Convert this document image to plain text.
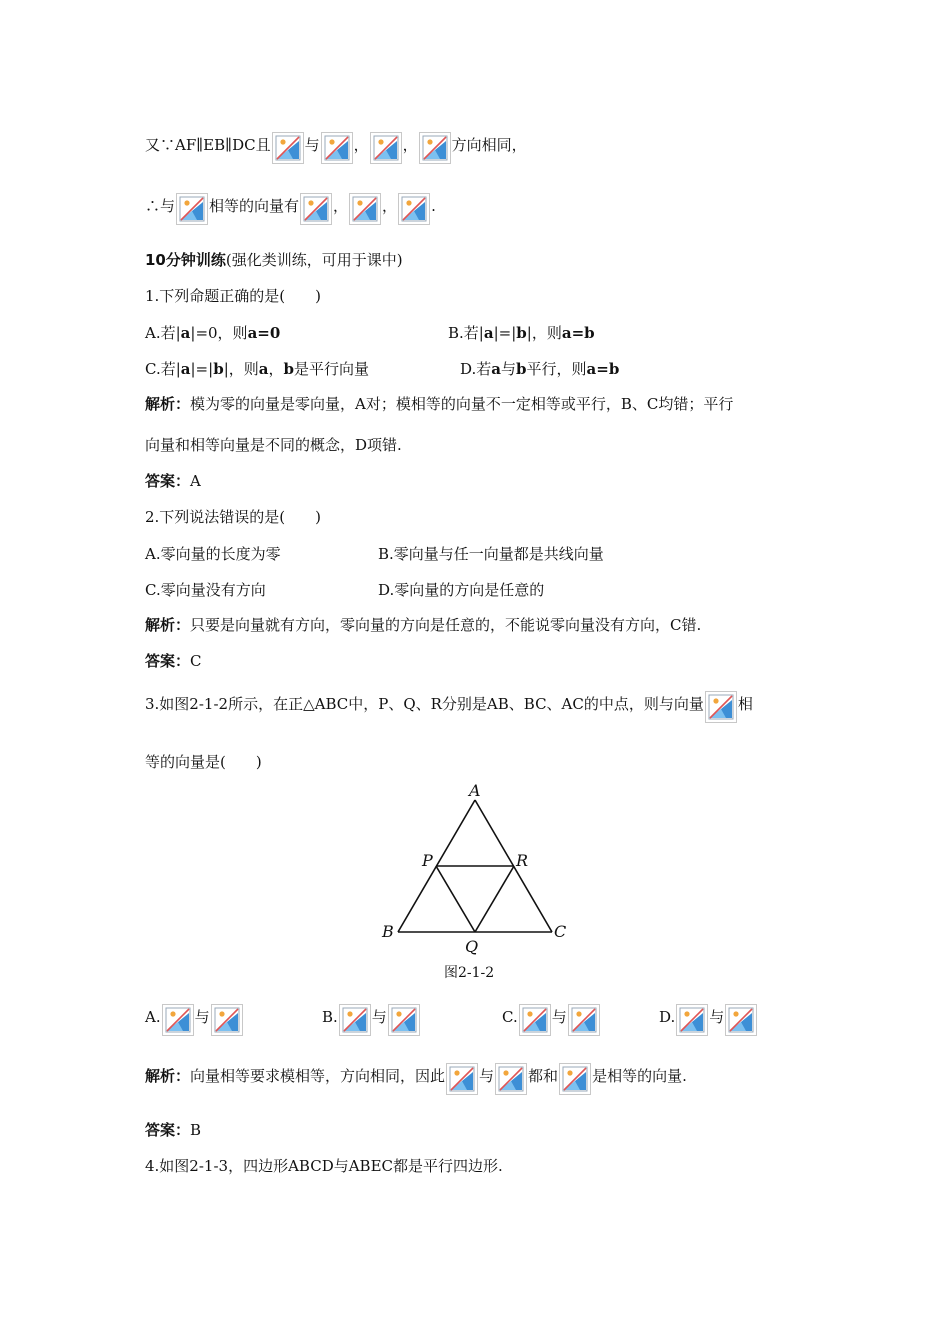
又∵AF∥EB∥DC且 与 ， ， 方向相同，
∴与 相等的向量有 ， ， .
10分钟训练(强化类训练，可用于课中)
1.下列命题正确的是(　　)
A.若|a|=0，则a=0	B.若|a|=|b|，则a=b
C.若|a|=|b|，则a，b是平行向量	D.若a与b平行，则a=b
解析：模为零的向量是零向量，A对；模相等的向量不一定相等或平行，B、C均错；平行
向量和相等向量是不同的概念，D项错.
答案：A
2.下列说法错误的是(　　)
A.零向量的长度为零	B.零向量与任一向量都是共线向量
C.零向量没有方向	D.零向量的方向是任意的
解析：只要是向量就有方向，零向量的方向是任意的，不能说零向量没有方向，C错.
答案：C
3.如图2-1-2所示，在正△ABC中，P、Q、R分别是AB、BC、AC的中点，则与向量 相
等的向量是(　　)
A
P	R
B	C
Q
图2-1-2
A. 与	B. 与	C. 与	D. 与
解析：向量相等要求模相等，方向相同，因此 与 都和 是相等的向量.
答案：B
4.如图2-1-3，四边形ABCD与ABEC都是平行四边形.
